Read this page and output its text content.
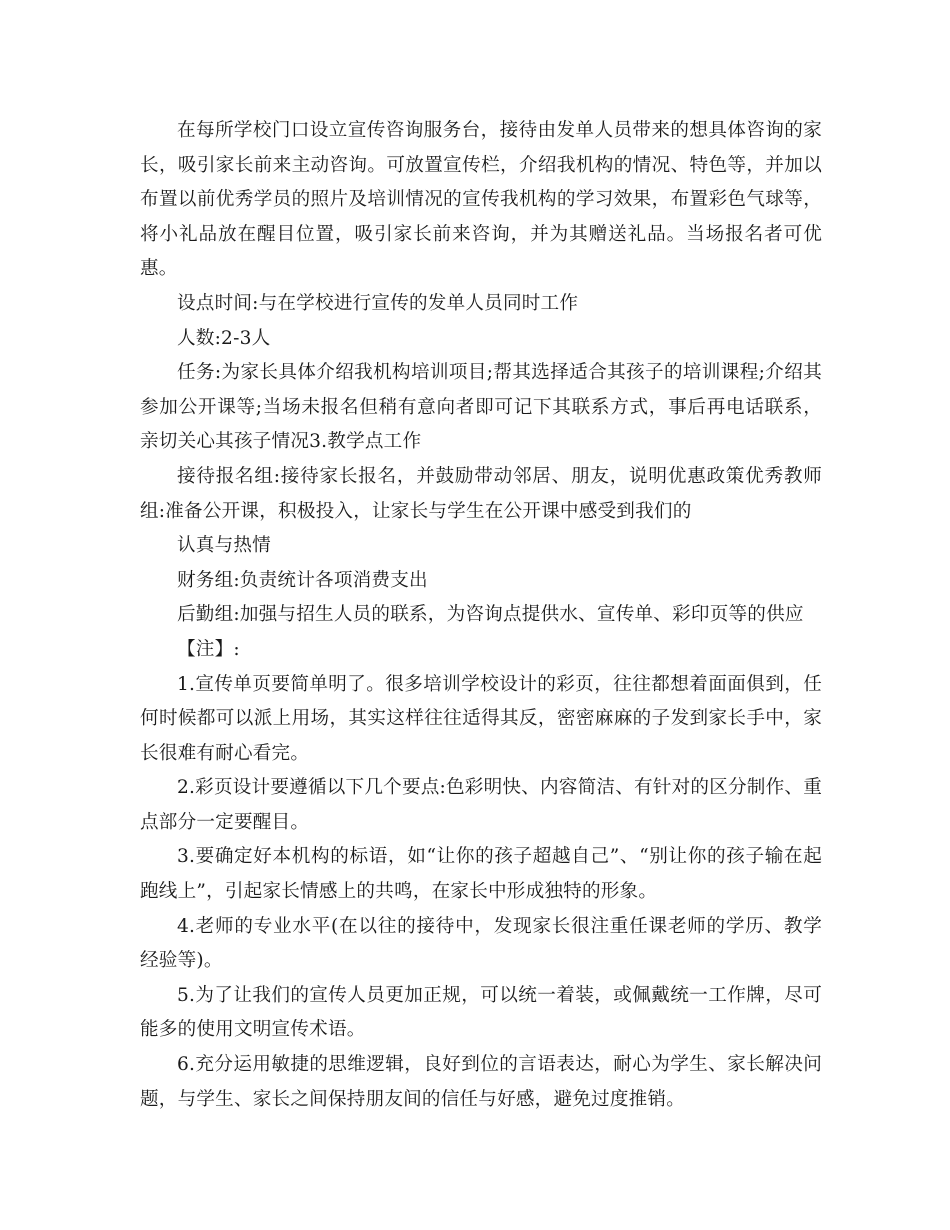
在每所学校门口设立宣传咨询服务台，接待由发单人员带来的想具体咨询的家长，吸引家长前来主动咨询。可放置宣传栏，介绍我机构的情况、特色等，并加以布置以前优秀学员的照片及培训情况的宣传我机构的学习效果，布置彩色气球等，将小礼品放在醒目位置，吸引家长前来咨询，并为其赠送礼品。当场报名者可优惠。

设点时间:与在学校进行宣传的发单人员同时工作

人数:2-3人

任务:为家长具体介绍我机构培训项目;帮其选择适合其孩子的培训课程;介绍其参加公开课等;当场未报名但稍有意向者即可记下其联系方式，事后再电话联系，亲切关心其孩子情况3.教学点工作

接待报名组:接待家长报名，并鼓励带动邻居、朋友，说明优惠政策优秀教师组:准备公开课，积极投入，让家长与学生在公开课中感受到我们的

认真与热情

财务组:负责统计各项消费支出

后勤组:加强与招生人员的联系，为咨询点提供水、宣传单、彩印页等的供应

【注】:

1.宣传单页要简单明了。很多培训学校设计的彩页，往往都想着面面俱到，任何时候都可以派上用场，其实这样往往适得其反，密密麻麻的子发到家长手中，家长很难有耐心看完。

2.彩页设计要遵循以下几个要点:色彩明快、内容简洁、有针对的区分制作、重点部分一定要醒目。

3.要确定好本机构的标语，如“让你的孩子超越自己”、“别让你的孩子输在起跑线上”，引起家长情感上的共鸣，在家长中形成独特的形象。

4.老师的专业水平(在以往的接待中，发现家长很注重任课老师的学历、教学经验等)。

5.为了让我们的宣传人员更加正规，可以统一着装，或佩戴统一工作牌，尽可能多的使用文明宣传术语。

6.充分运用敏捷的思维逻辑，良好到位的言语表达，耐心为学生、家长解决问题，与学生、家长之间保持朋友间的信任与好感，避免过度推销。
